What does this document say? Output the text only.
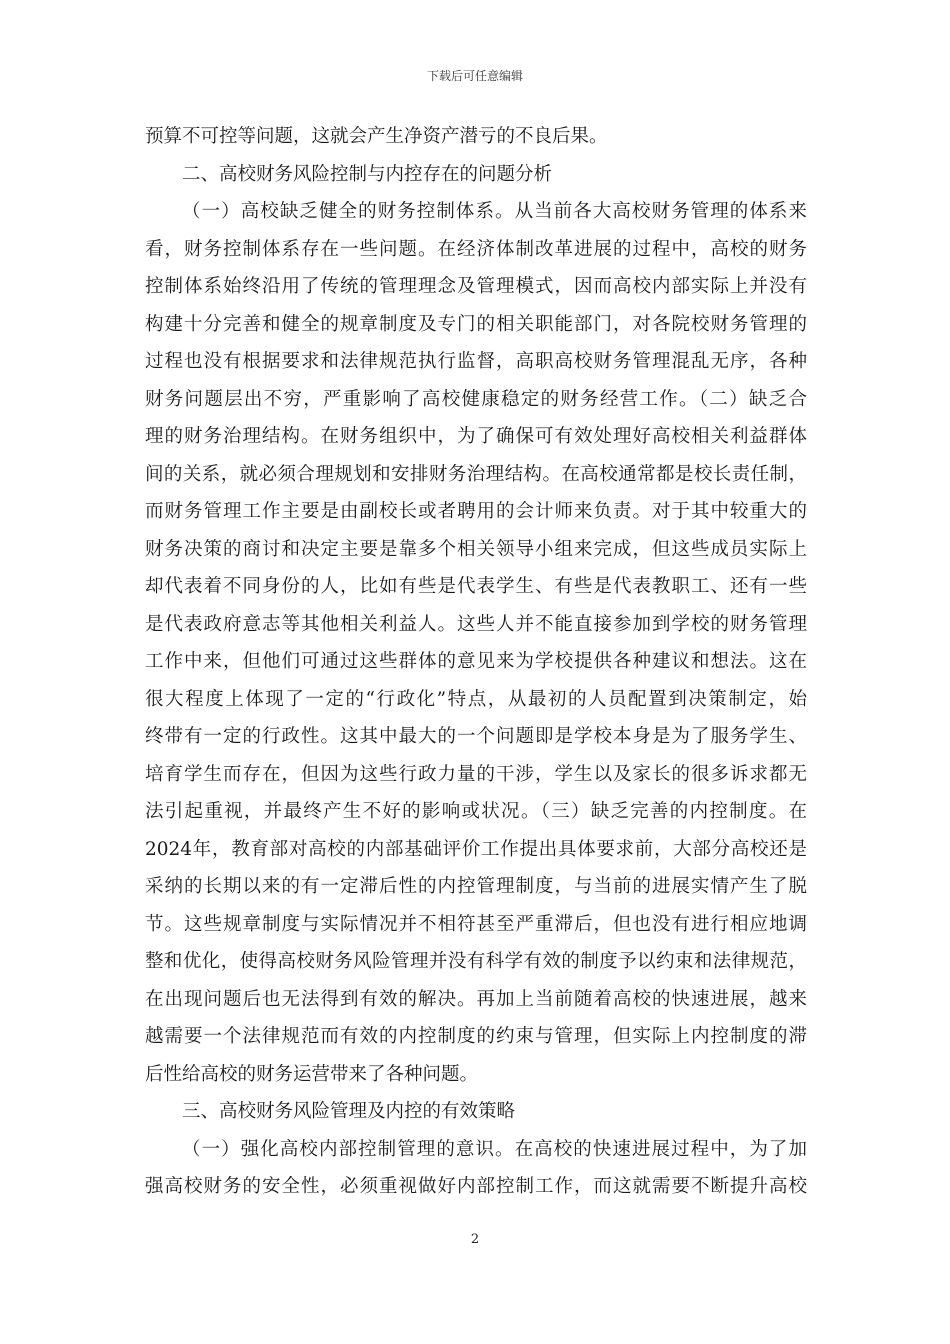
下载后可任意编辑
预算不可控等问题，这就会产生净资产潜亏的不良后果。
二、高校财务风险控制与内控存在的问题分析
（一）高校缺乏健全的财务控制体系。从当前各大高校财务管理的体系来
看，财务控制体系存在一些问题。在经济体制改革进展的过程中，高校的财务
控制体系始终沿用了传统的管理理念及管理模式，因而高校内部实际上并没有
构建十分完善和健全的规章制度及专门的相关职能部门，对各院校财务管理的
过程也没有根据要求和法律规范执行监督，高职高校财务管理混乱无序，各种
财务问题层出不穷，严重影响了高校健康稳定的财务经营工作。（二）缺乏合
理的财务治理结构。在财务组织中，为了确保可有效处理好高校相关利益群体
间的关系，就必须合理规划和安排财务治理结构。在高校通常都是校长责任制，
而财务管理工作主要是由副校长或者聘用的会计师来负责。对于其中较重大的
财务决策的商讨和决定主要是靠多个相关领导小组来完成，但这些成员实际上
却代表着不同身份的人，比如有些是代表学生、有些是代表教职工、还有一些
是代表政府意志等其他相关利益人。这些人并不能直接参加到学校的财务管理
工作中来，但他们可通过这些群体的意见来为学校提供各种建议和想法。这在
很大程度上体现了一定的“行政化”特点，从最初的人员配置到决策制定，始
终带有一定的行政性。这其中最大的一个问题即是学校本身是为了服务学生、
培育学生而存在，但因为这些行政力量的干涉，学生以及家长的很多诉求都无
法引起重视，并最终产生不好的影响或状况。（三）缺乏完善的内控制度。在
2024年，教育部对高校的内部基础评价工作提出具体要求前，大部分高校还是
采纳的长期以来的有一定滞后性的内控管理制度，与当前的进展实情产生了脱
节。这些规章制度与实际情况并不相符甚至严重滞后，但也没有进行相应地调
整和优化，使得高校财务风险管理并没有科学有效的制度予以约束和法律规范，
在出现问题后也无法得到有效的解决。再加上当前随着高校的快速进展，越来
越需要一个法律规范而有效的内控制度的约束与管理，但实际上内控制度的滞
后性给高校的财务运营带来了各种问题。
三、高校财务风险管理及内控的有效策略
（一）强化高校内部控制管理的意识。在高校的快速进展过程中，为了加
强高校财务的安全性，必须重视做好内部控制工作，而这就需要不断提升高校
2
